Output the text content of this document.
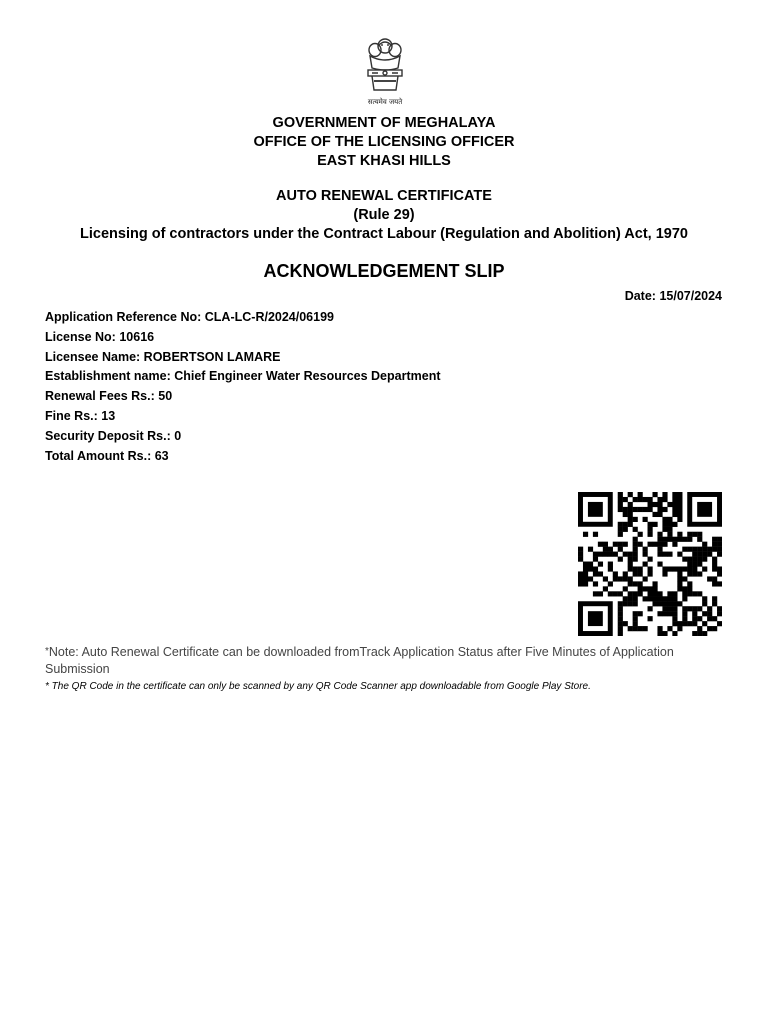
सत्यमेव जयते
GOVERNMENT OF MEGHALAYA
OFFICE OF THE LICENSING OFFICER
EAST KHASI HILLS
AUTO RENEWAL CERTIFICATE
(Rule 29)
Licensing of contractors under the Contract Labour (Regulation and Abolition) Act, 1970
ACKNOWLEDGEMENT SLIP
Date: 15/07/2024
Application Reference No: CLA-LC-R/2024/06199
License No: 10616
Licensee Name: ROBERTSON LAMARE
Establishment name: Chief Engineer Water Resources Department
Renewal Fees Rs.: 50
Fine Rs.: 13
Security Deposit Rs.: 0
Total Amount Rs.: 63
*Note: Auto Renewal Certificate can be downloaded fromTrack Application Status after Five Minutes of Application Submission
* The QR Code in the certificate can only be scanned by any QR Code Scanner app downloadable from Google Play Store.
